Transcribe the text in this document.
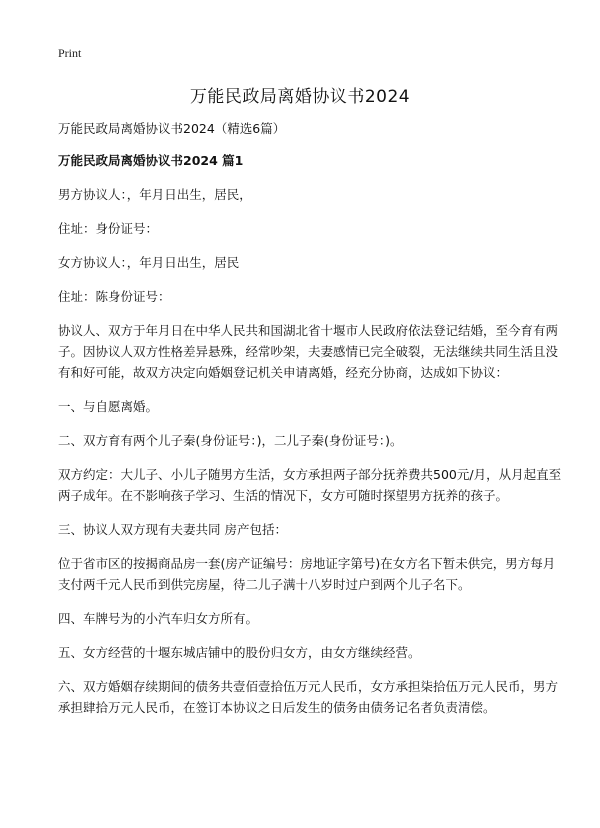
Print
万能民政局离婚协议书2024

万能民政局离婚协议书2024（精选6篇）

万能民政局离婚协议书2024 篇1

男方协议人：，年月日出生，居民，

住址：身份证号：

女方协议人：，年月日出生，居民

住址：陈身份证号：

协议人、双方于年月日在中华人民共和国湖北省十堰市人民政府依法登记结婚，至今育有两子。因协议人双方性格差异悬殊，经常吵架，夫妻感情已完全破裂，无法继续共同生活且没有和好可能，故双方决定向婚姻登记机关申请离婚，经充分协商，达成如下协议：

一、与自愿离婚。

二、双方育有两个儿子秦(身份证号：)，二儿子秦(身份证号：)。

双方约定：大儿子、小儿子随男方生活，女方承担两子部分抚养费共500元/月，从月起直至两子成年。在不影响孩子学习、生活的情况下，女方可随时探望男方抚养的孩子。

三、协议人双方现有夫妻共同 房产包括：

位于省市区的按揭商品房一套(房产证编号：房地证字第号)在女方名下暂未供完，男方每月支付两千元人民币到供完房屋，待二儿子满十八岁时过户到两个儿子名下。

四、车牌号为的小汽车归女方所有。

五、女方经营的十堰东城店铺中的股份归女方，由女方继续经营。

六、双方婚姻存续期间的债务共壹佰壹拾伍万元人民币，女方承担柒拾伍万元人民币，男方承担肆拾万元人民币，在签订本协议之日后发生的债务由债务记名者负责清偿。
